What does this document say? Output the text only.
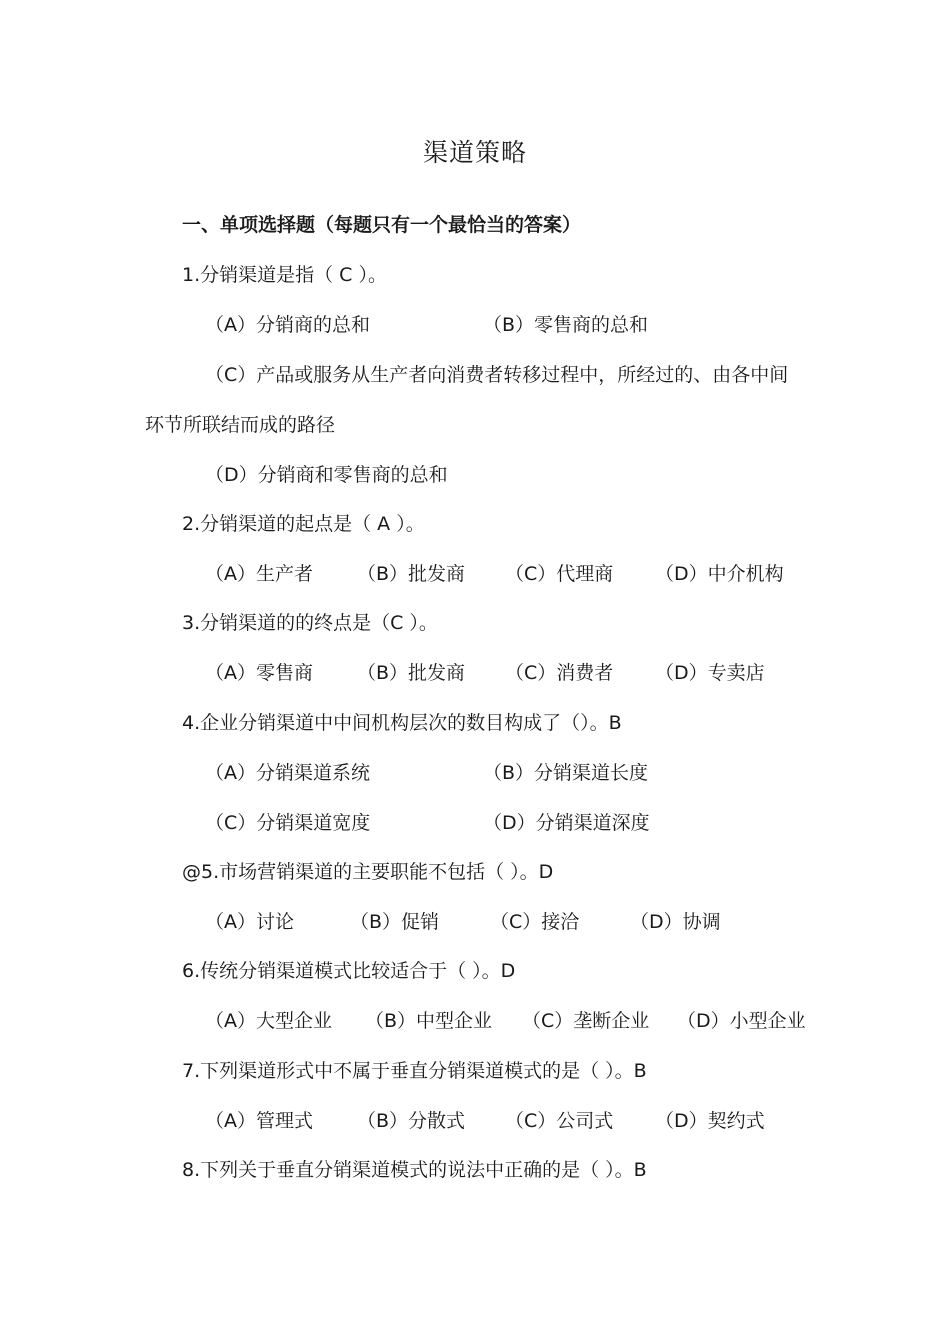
渠道策略
一、单项选择题（每题只有一个最恰当的答案）
1.分销渠道是指（ C ）。
（A）分销商的总和	（B）零售商的总和
（C）产品或服务从生产者向消费者转移过程中，所经过的、由各中间
环节所联结而成的路径
（D）分销商和零售商的总和
2.分销渠道的起点是（ A ）。
（A）生产者 （B）批发商 （C）代理商 （D）中介机构
3.分销渠道的的终点是（C ）。
（A）零售商 （B）批发商 （C）消费者 （D）专卖店
4.企业分销渠道中中间机构层次的数目构成了（）。B
（A）分销渠道系统	（B）分销渠道长度
（C）分销渠道宽度	（D）分销渠道深度
@5.市场营销渠道的主要职能不包括（ ）。D
（A）讨论	（B）促销	（C）接洽	（D）协调
6.传统分销渠道模式比较适合于（ ）。D
（A）大型企业 （B）中型企业 （C）垄断企业 （D）小型企业
7.下列渠道形式中不属于垂直分销渠道模式的是（ ）。B
（A）管理式 （B）分散式 （C）公司式 （D）契约式
8.下列关于垂直分销渠道模式的说法中正确的是（ ）。B
